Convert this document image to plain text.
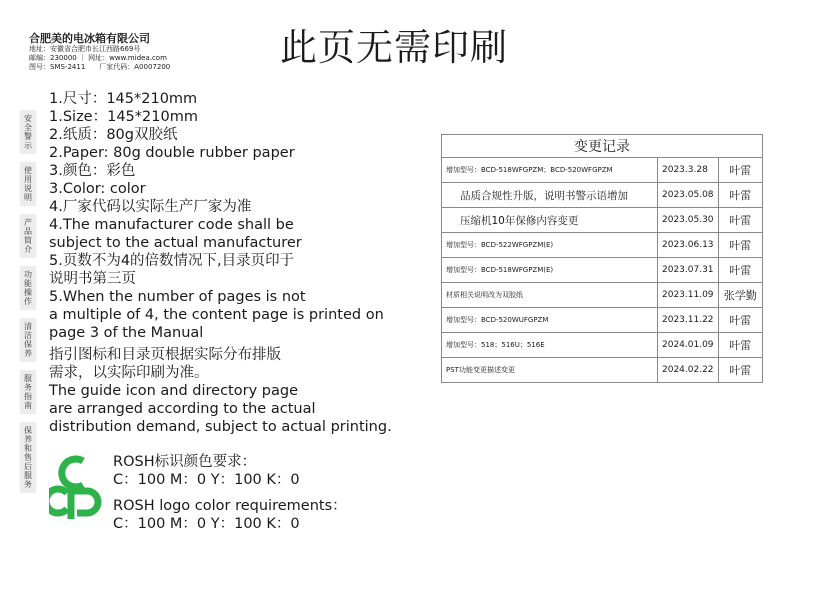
合肥美的电冰箱有限公司
地址：安徽省合肥市长江西路669号
邮编：230000 ｜ 网址：www.midea.com
图号：SMS-2411　　厂家代码：A0007200	此页无需印刷
安
全
警
示
使
用
说
明
产
品
简
介
功
能
操
作
清
洁
保
养
服
务
指
南
保
养
和
售
后
服
务
1.尺寸：145*210mm
1.Size：145*210mm
2.纸质：80g双胶纸
2.Paper: 80g double rubber paper
3.颜色：彩色
3.Color: color
4.厂家代码以实际生产厂家为准
4.The manufacturer code shall be
subject to the actual manufacturer
5.页数不为4的倍数情况下,目录页印于
说明书第三页
5.When the number of pages is not
a multiple of 4, the content page is printed on
page 3 of the Manual
指引图标和目录页根据实际分布排版
需求，以实际印刷为准。
The guide icon and directory page
are arranged according to the actual
distribution demand, subject to actual printing.
ROSH标识颜色要求：
C：100 M：0 Y：100 K：0
ROSH logo color requirements：
C：100 M：0 Y：100 K：0
变更记录		
增加型号：BCD-518WFGPZM；BCD-520WFGPZM	2023.3.28	叶雷
品质合规性升版，说明书警示语增加	2023.05.08	叶雷
压缩机10年保修内容变更	2023.05.30	叶雷
增加型号：BCD-522WFGPZM(E)	2023.06.13	叶雷
增加型号：BCD-518WFGPZM(E)	2023.07.31	叶雷
材质相关说明改为双胶纸	2023.11.09	张学勤
增加型号：BCD-520WUFGPZM	2023.11.22	叶雷
增加型号：518；516U；516E	2024.01.09	叶雷
PST功能变更描述变更	2024.02.22	叶雷
